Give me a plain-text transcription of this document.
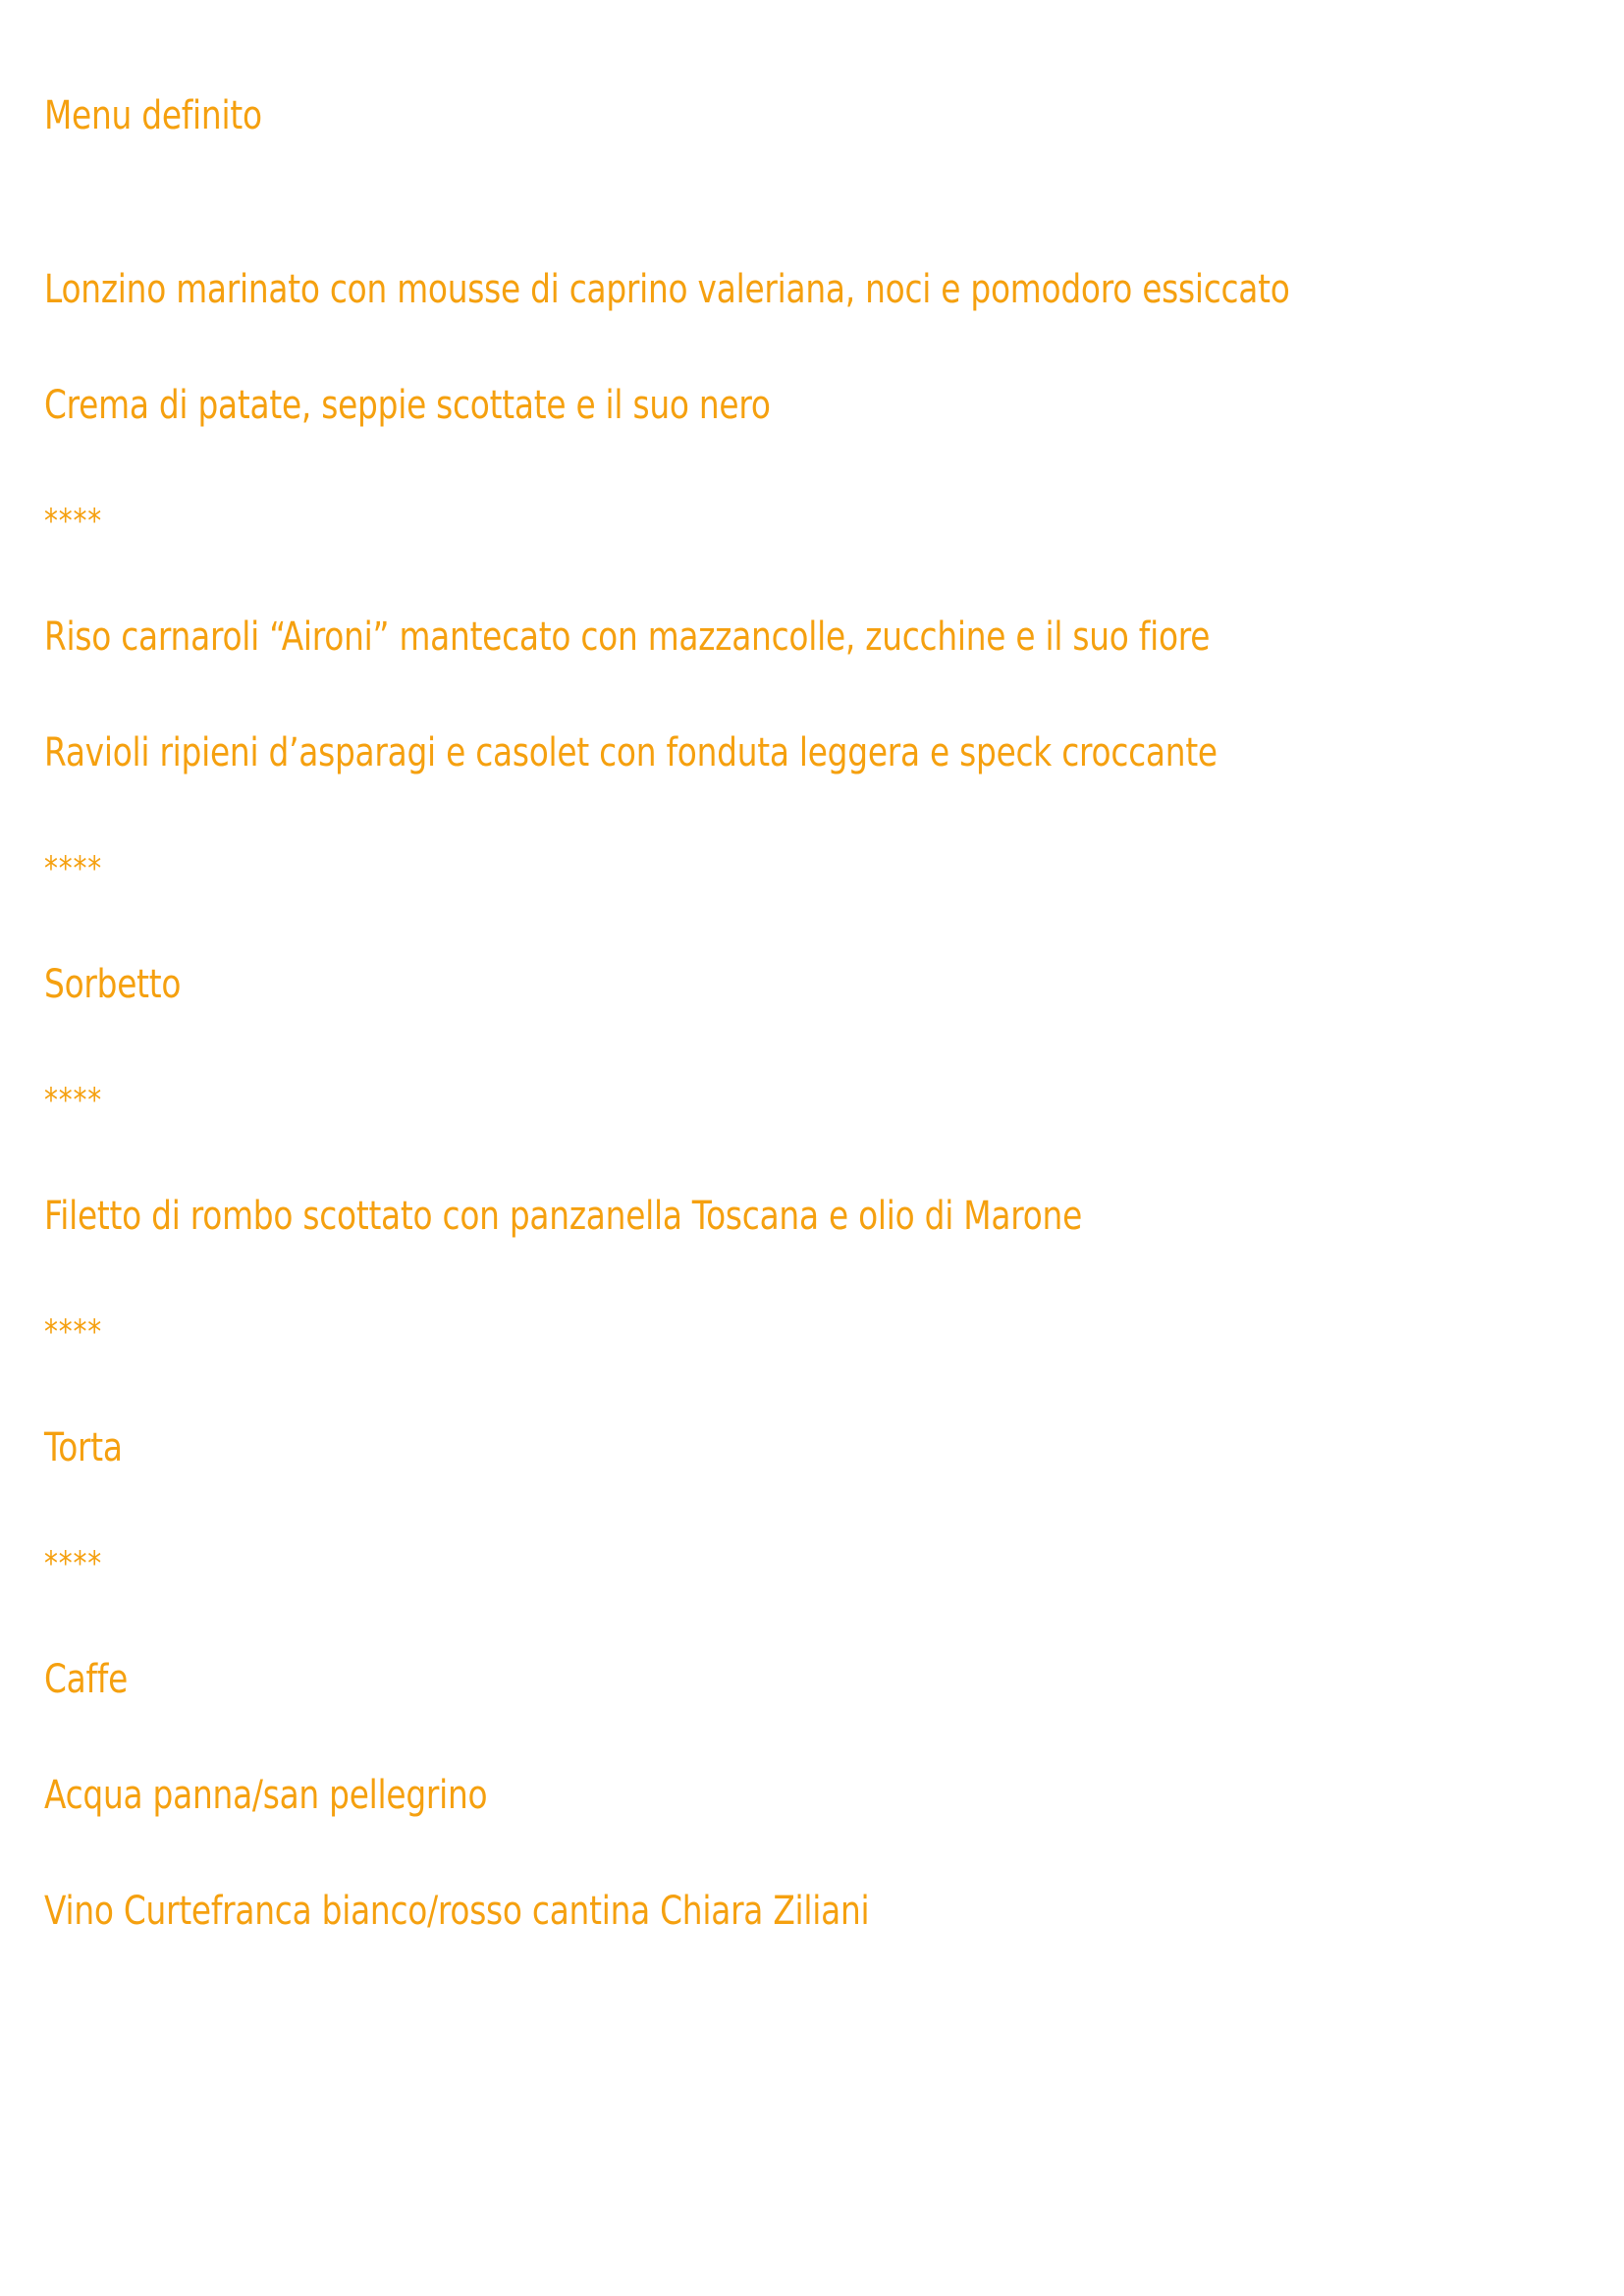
Menu definito

Lonzino marinato con mousse di caprino valeriana, noci e pomodoro essiccato

Crema di patate, seppie scottate e il suo nero

****

Riso carnaroli “Aironi” mantecato con mazzancolle, zucchine e il suo fiore

Ravioli ripieni d’asparagi e casolet con fonduta leggera e speck croccante

****

Sorbetto

****

Filetto di rombo scottato con panzanella Toscana e olio di Marone

****

Torta

****

Caffe

Acqua panna/san pellegrino

Vino Curtefranca bianco/rosso cantina Chiara Ziliani
